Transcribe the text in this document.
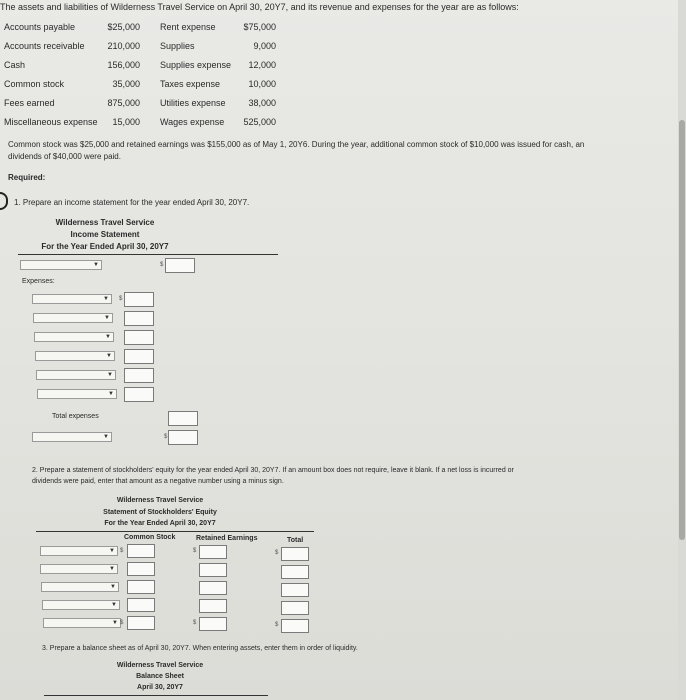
The assets and liabilities of Wilderness Travel Service on April 30, 20Y7, and its revenue and expenses for the year are as follows:
Accounts payable	$25,000 Rent expense	$75,000
Accounts receivable	210,000 Supplies	9,000
Cash	156,000 Supplies expense	12,000
Common stock	35,000 Taxes expense	10,000
Fees earned	875,000 Utilities expense	38,000
Miscellaneous expense	15,000 Wages expense	525,000
Common stock was $25,000 and retained earnings was $155,000 as of May 1, 20Y6. During the year, additional common stock of $10,000 was issued for cash, an
dividends of $40,000 were paid.
Required:
1. Prepare an income statement for the year ended April 30, 20Y7.
Wilderness Travel Service
Income Statement
For the Year Ended April 30, 20Y7
▼	$
Expenses:
▼ $
▼
▼
▼
▼
▼
Total expenses
▼	$
2. Prepare a statement of stockholders' equity for the year ended April 30, 20Y7. If an amount box does not require, leave it blank. If a net loss is incurred or
dividends were paid, enter that amount as a negative number using a minus sign.
Wilderness Travel Service
Statement of Stockholders' Equity
For the Year Ended April 30, 20Y7
Common Stock	Retained Earnings	Total
▼ $	$	$
▼
▼
▼
▼ $	$	$
3. Prepare a balance sheet as of April 30, 20Y7. When entering assets, enter them in order of liquidity.
Wilderness Travel Service
Balance Sheet
April 30, 20Y7
